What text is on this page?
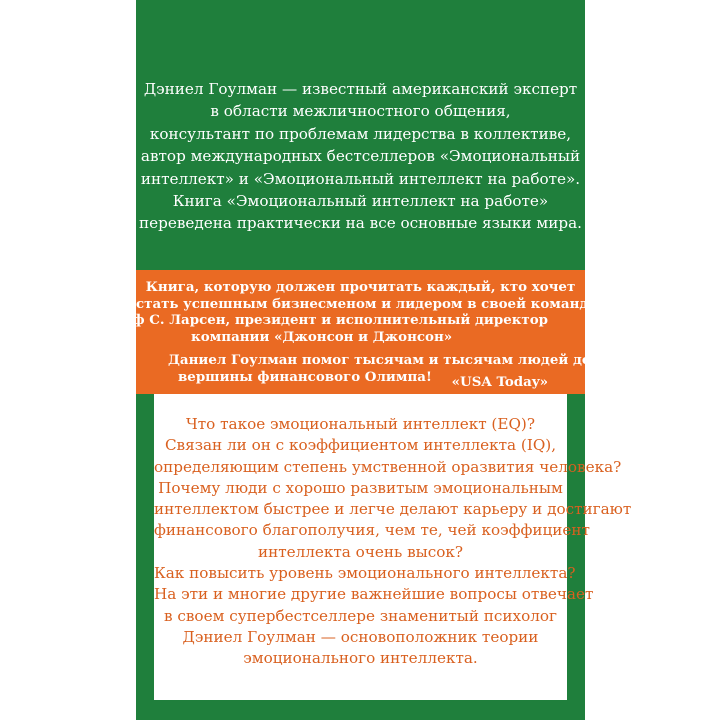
Дэниел Гоулман — известный американский эксперт
в области межличностного общения,
консультант по проблемам лидерства в коллективе,
автор международных бестселлеров «Эмоциональный
интеллект» и «Эмоциональный интеллект на работе».
Книга «Эмоциональный интеллект на работе»
переведена практически на все основные языки мира.
Книга, которую должен прочитать каждый, кто хочет
стать успешным бизнесменом и лидером в своей команде!
Ральф С. Ларсен, президент и исполнительный директор
компании «Джонсон и Джонсон»
Даниел Гоулман помог тысячам и тысячам людей достичь
вершины финансового Олимпа!	«USA Today»
Что такое эмоциональный интеллект (EQ)?
Связан ли он с коэффициентом интеллекта (IQ),
определяющим степень умственной оразвития человека?
Почему люди с хорошо развитым эмоциональным
интеллектом быстрее и легче делают карьеру и достигают
финансового благополучия, чем те, чей коэффициент
интеллекта очень высок?
Как повысить уровень эмоционального интеллекта?
На эти и многие другие важнейшие вопросы отвечает
в своем супербестселлере знаменитый психолог
Дэниел Гоулман — основоположник теории
эмоционального интеллекта.
